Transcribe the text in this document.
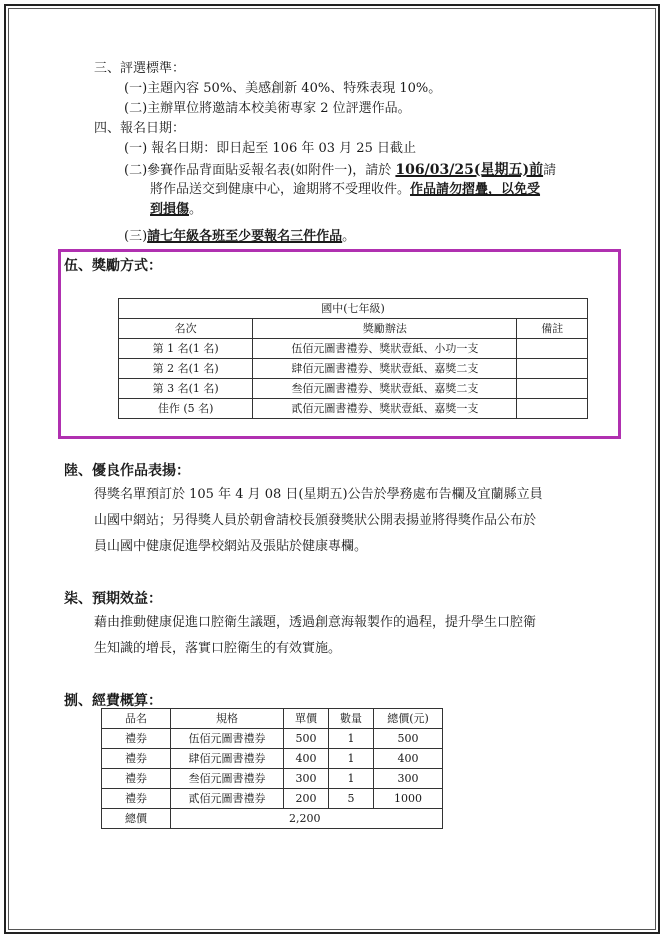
三、評選標準：
(一)主題內容 50%、美感創新 40%、特殊表現 10%。
(二)主辦單位將邀請本校美術專家 2 位評選作品。
四、報名日期：
(一) 報名日期：即日起至 106 年 03 月 25 日截止
(二)參賽作品背面貼妥報名表(如附件一)，請於 106/03/25(星期五)前請
將作品送交到健康中心，逾期將不受理收件。作品請勿摺疊，以免受
到損傷。
(三)請七年級各班至少要報名三件作品。
伍、獎勵方式：
國中(七年級)		
名次	獎勵辦法	備註
第 1 名(1 名)	伍佰元圖書禮券、獎狀壹紙、小功一支	
第 2 名(1 名)	肆佰元圖書禮券、獎狀壹紙、嘉獎二支	
第 3 名(1 名)	叁佰元圖書禮券、獎狀壹紙、嘉獎二支	
佳作 (5 名)	貳佰元圖書禮券、獎狀壹紙、嘉獎一支	
陸、優良作品表揚：
得獎名單預訂於 105 年 4 月 08 日(星期五)公告於學務處布告欄及宜蘭縣立員
山國中網站；另得獎人員於朝會請校長頒發獎狀公開表揚並將得獎作品公布於
員山國中健康促進學校網站及張貼於健康專欄。
柒、預期效益：
藉由推動健康促進口腔衛生議題，透過創意海報製作的過程，提升學生口腔衛
生知識的增長，落實口腔衛生的有效實施。
捌、經費概算：
品名	規格	單價	數量	總價(元)
禮券	伍佰元圖書禮券	500	1	500
禮券	肆佰元圖書禮券	400	1	400
禮券	叁佰元圖書禮券	300	1	300
禮券	貳佰元圖書禮券	200	5	1000
總價	2,200			
